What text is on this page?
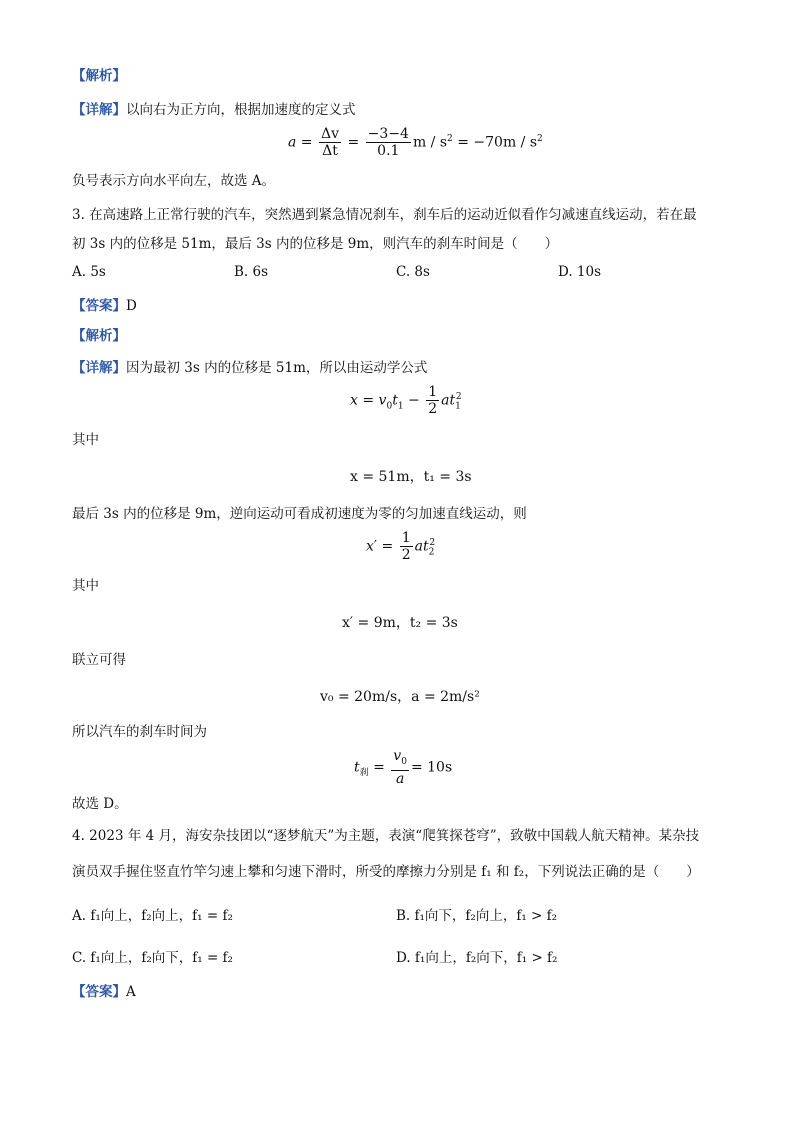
【解析】
【详解】以向右为正方向，根据加速度的定义式
$a = \frac{\Delta v}{\Delta t} = \frac{-3-4}{0.1}$ $m / s^2 = -70m / s^2$
负号表示方向水平向左，故选 A。
3. 在高速路上正常行驶的汽车，突然遇到紧急情况刹车，刹车后的运动近似看作匀减速直线运动，若在最
初 3s 内的位移是 51m，最后 3s 内的位移是 9m，则汽车的刹车时间是（　　）
A. 5s	B. 6s	C. 8s	D. 10s
【答案】D
【解析】
【详解】因为最初 3s 内的位移是 51m，所以由运动学公式
$x = v_0t_1 - \frac{1}{2} at_1^2$
其中
x = 51m，t₁ = 3s
最后 3s 内的位移是 9m，逆向运动可看成初速度为零的匀加速直线运动，则
$x' = \frac{1}{2} at_2^2$
其中
x′ = 9m，t₂ = 3s
联立可得
v₀ = 20m/s，a = 2m/s²
所以汽车的刹车时间为
$t_刹 = \frac{v_0}{a} = 10s$
故选 D。
4. 2023 年 4 月，海安杂技团以“逐梦航天”为主题，表演“爬箕探苍穹”，致敬中国载人航天精神。某杂技
演员双手握住竖直竹竿匀速上攀和匀速下滑时，所受的摩擦力分别是 f₁ 和 f₂，下列说法正确的是（　　）
A. f₁向上，f₂向上，f₁ = f₂	B. f₁向下，f₂向上，f₁ > f₂
C. f₁向上，f₂向下，f₁ = f₂	D. f₁向上，f₂向下，f₁ > f₂
【答案】A
